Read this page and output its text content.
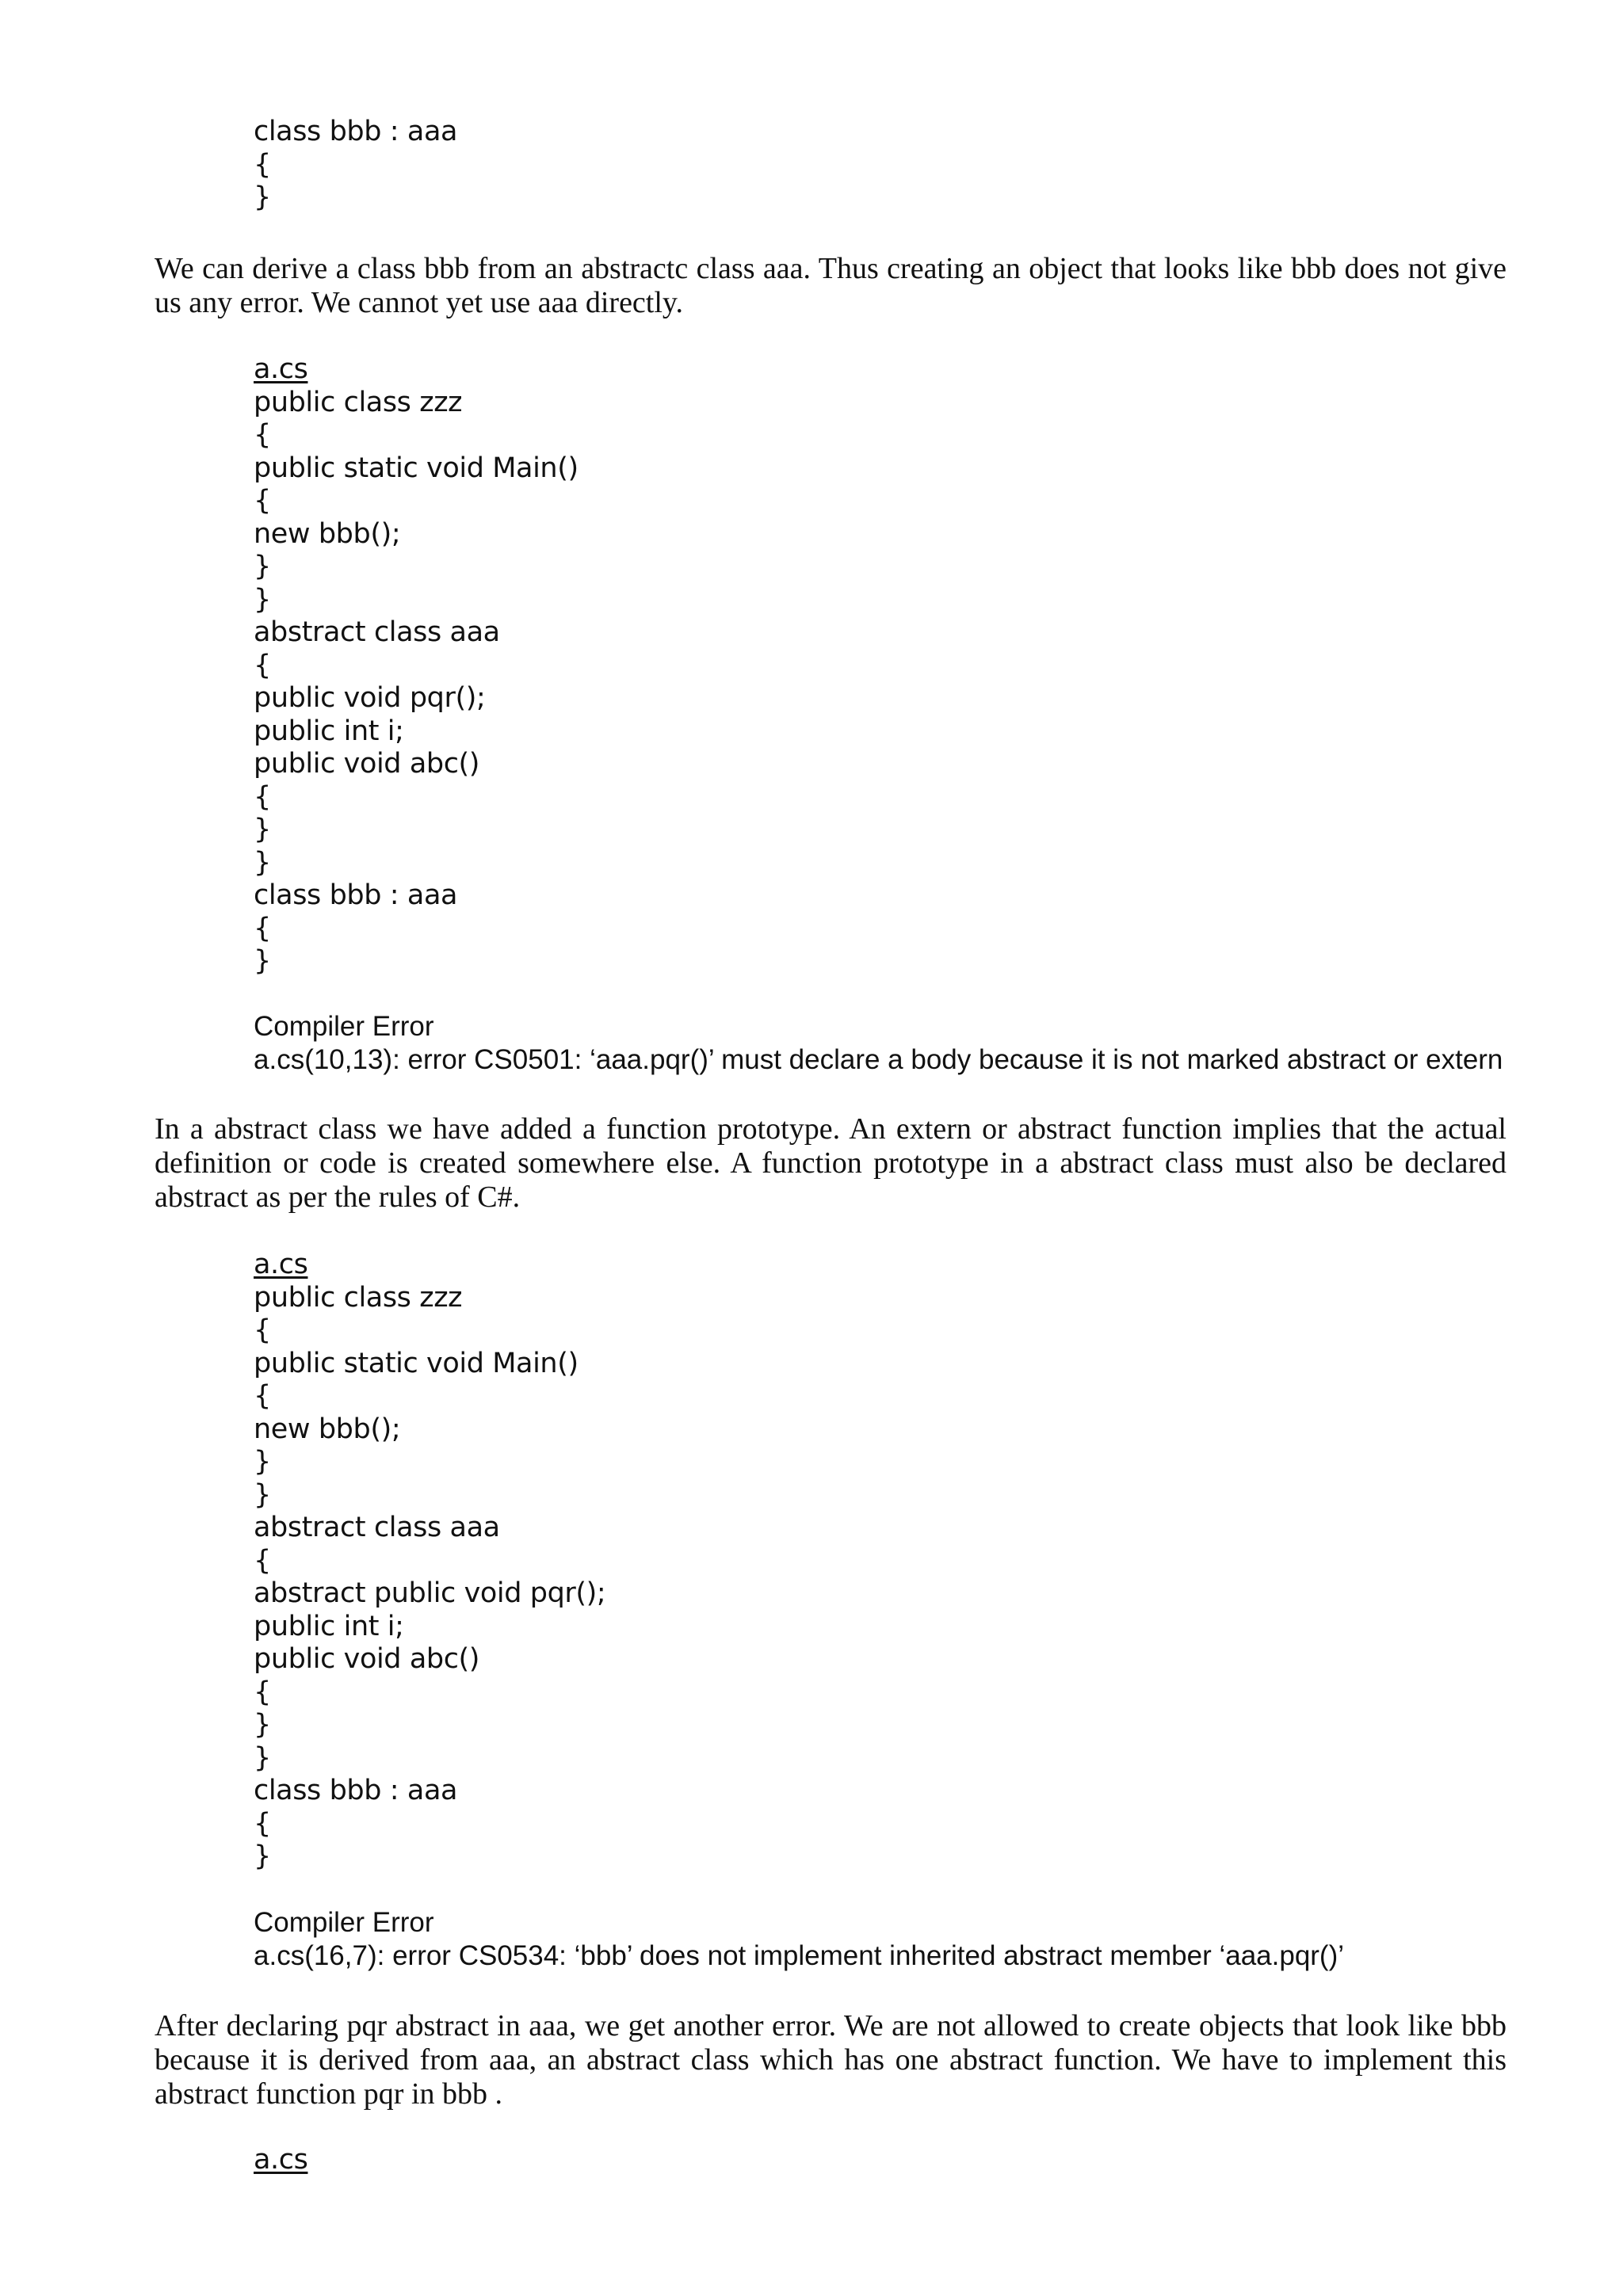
class bbb : aaa
{
}

We can derive a class bbb from an abstractc class aaa. Thus creating an object that looks like bbb does not give us any error. We cannot yet use aaa directly.

a.cs
public class zzz
{
public static void Main()
{
new bbb();
}
}
abstract class aaa
{
public void pqr();
public int i;
public void abc()
{
}
}
class bbb : aaa
{
}
Compiler Error
a.cs(10,13): error CS0501: ‘aaa.pqr()’ must declare a body because it is not marked abstract or extern

In a abstract class we have added a function prototype. An extern or abstract function implies that the actual definition or code is created somewhere else. A function prototype in a abstract class must also be declared abstract as per the rules of C#.

a.cs
public class zzz
{
public static void Main()
{
new bbb();
}
}
abstract class aaa
{
abstract public void pqr();
public int i;
public void abc()
{
}
}
class bbb : aaa
{
}
Compiler Error
a.cs(16,7): error CS0534: ‘bbb’ does not implement inherited abstract member ‘aaa.pqr()’

After declaring pqr abstract in aaa, we get another error. We are not allowed to create objects that look like bbb because it is derived from aaa, an abstract class which has one abstract function. We have to implement this abstract function pqr in bbb .

a.cs
